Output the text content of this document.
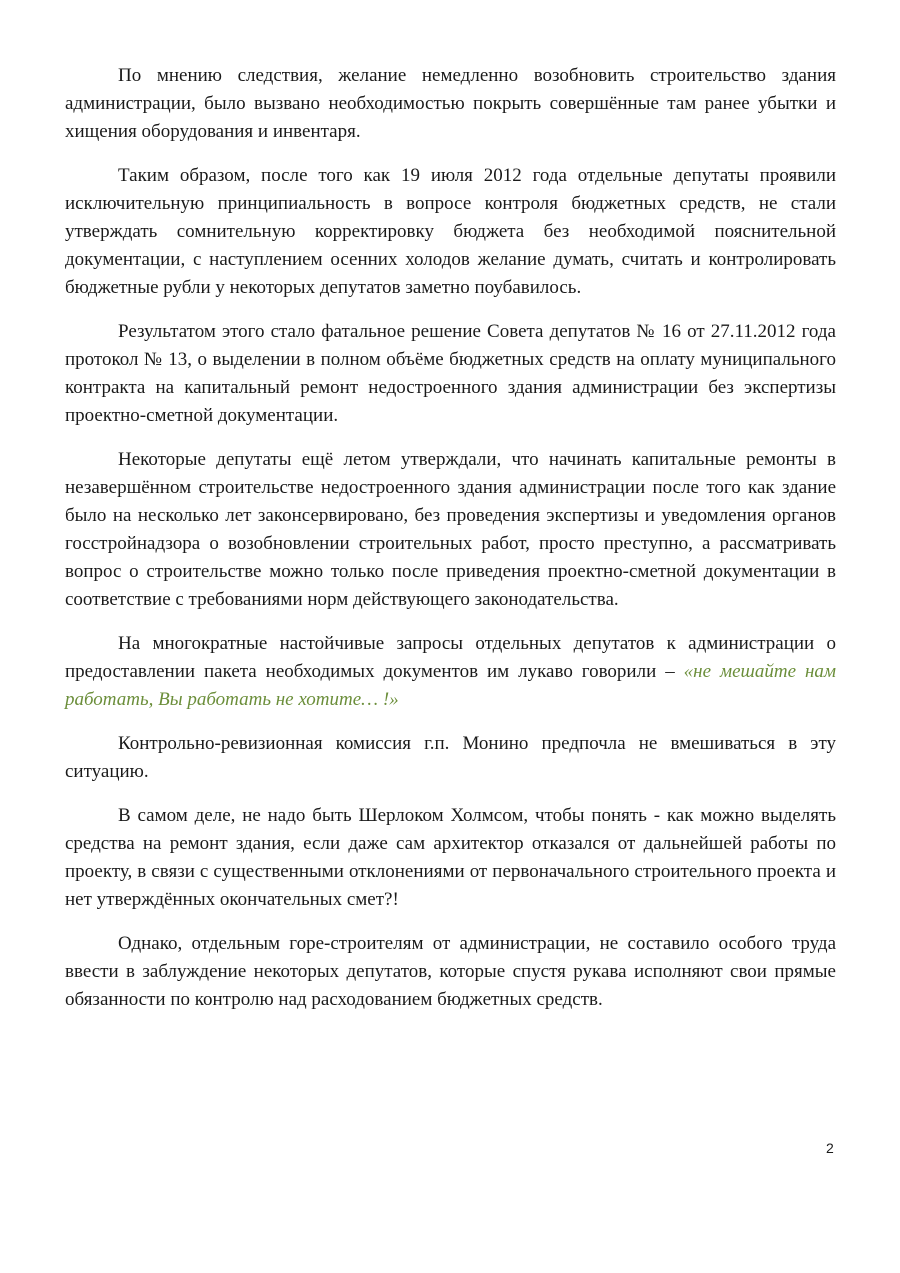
По мнению следствия, желание немедленно возобновить строительство здания администрации, было вызвано необходимостью покрыть совершённые там ранее убытки и хищения оборудования и инвентаря.

Таким образом, после того как 19 июля 2012 года отдельные депутаты проявили исключительную принципиальность в вопросе контроля бюджетных средств, не стали утверждать сомнительную корректировку бюджета без необходимой пояснительной документации, с наступлением осенних холодов желание думать, считать и контролировать бюджетные рубли у некоторых депутатов заметно поубавилось.

Результатом этого стало фатальное решение Совета депутатов № 16 от 27.11.2012 года протокол № 13, о выделении в полном объёме бюджетных средств на оплату муниципального контракта на капитальный ремонт недостроенного здания администрации без экспертизы проектно-сметной документации.

Некоторые депутаты ещё летом утверждали, что начинать капитальные ремонты в незавершённом строительстве недостроенного здания администрации после того как здание было на несколько лет законсервировано, без проведения экспертизы и уведомления органов госстройнадзора о возобновлении строительных работ, просто преступно, а рассматривать вопрос о строительстве можно только после приведения проектно-сметной документации в соответствие с требованиями норм действующего законодательства.

На многократные настойчивые запросы отдельных депутатов к администрации о предоставлении пакета необходимых документов им лукаво говорили – «не мешайте нам работать, Вы работать не хотите… !»

Контрольно-ревизионная комиссия г.п. Монино предпочла не вмешиваться в эту ситуацию.

В самом деле, не надо быть Шерлоком Холмсом, чтобы понять - как можно выделять средства на ремонт здания, если даже сам архитектор отказался от дальнейшей работы по проекту, в связи с существенными отклонениями от первоначального строительного проекта и нет утверждённых окончательных смет?!

Однако, отдельным горе-строителям от администрации, не составило особого труда ввести в заблуждение некоторых депутатов, которые спустя рукава исполняют свои прямые обязанности по контролю над расходованием бюджетных средств.

2
